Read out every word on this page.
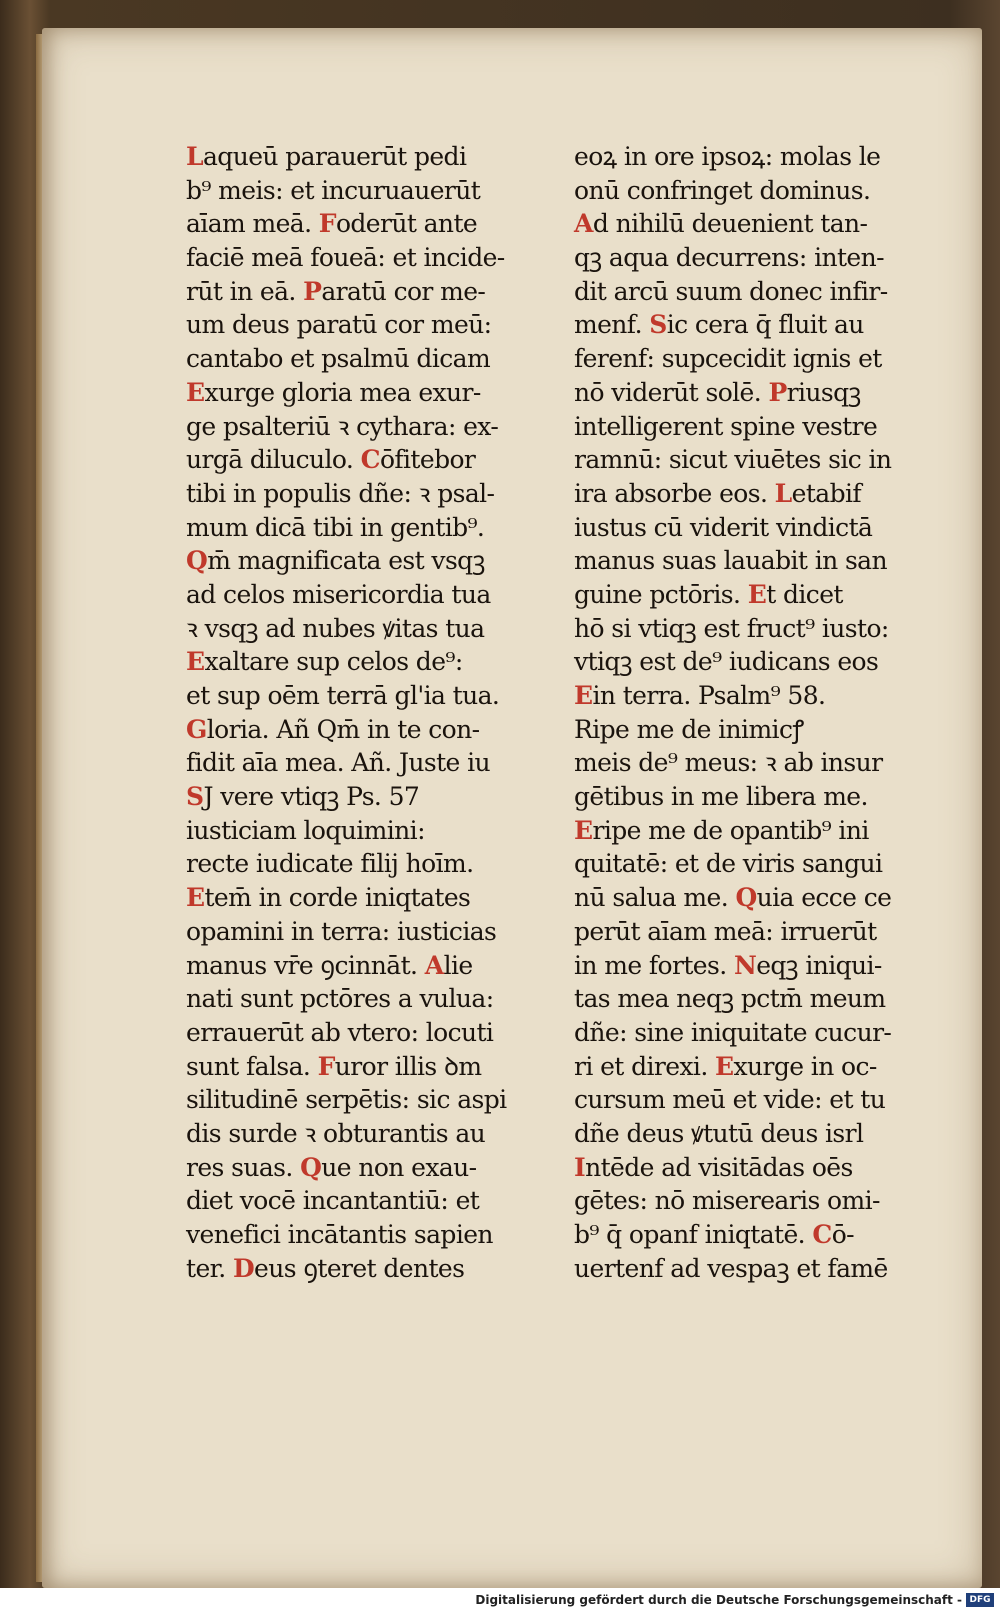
Laqueū parauerūt pedi
b⁹ meis: et incuruauerūt
aīam meā. Foderūt ante
faciē meā foueā: et incide-
rūt in eā. Paratū cor me-
um deus paratū cor meū:
cantabo et psalmū dicam
Exurge gloria mea exur-
ge psalteriū ꝛ cythara: ex-
urgā diluculo. Cōfitebor
tibi in populis dñe: ꝛ psal-
mum dicā tibi in gentib⁹.
Qm̄ magnificata est vsqꝫ
ad celos misericordia tua
ꝛ vsqꝫ ad nubes ꝟitas tua
Exaltare sup celos de⁹:
et sup oēm terrā gl'ia tua.
Gloria. Añ Qm̄ in te con-
fidit aīa mea. Añ. Juste iu
SJ vere vtiqꝫ Ps. 57
iusticiam loquimini:
recte iudicate filij hoīm.
Etem̄ in corde iniqtates
opamini in terra: iusticias
manus vr̄e ꝯcinnāt. Alie
nati sunt pctōres a vulua:
errauerūt ab vtero: locuti
sunt falsa. Furor illis ꝺm
silitudinē serpētis: sic aspi
dis surde ꝛ obturantis au
res suas. Que non exau-
diet vocē incantantiū: et
venefici incātantis sapien
ter. Deus ꝯteret dentes
eoꝝ in ore ipsoꝝ: molas le
onū confringet dominus.
Ad nihilū deuenient tan-
qꝫ aqua decurrens: inten-
dit arcū suum donec infir-
menf. Sic cera q̄ fluit au
ferenf: supcecidit ignis et
nō viderūt solē. Priusqꝫ
intelligerent spine vestre
ramnū: sicut viuētes sic in
ira absorbe eos. Letabif
iustus cū viderit vindictā
manus suas lauabit in san
guine pctōris. Et dicet
hō si vtiqꝫ est fruct⁹ iusto:
vtiqꝫ est de⁹ iudicans eos
Ein terra. Psalm⁹ 58.
Ripe me de inimicꝭ
meis de⁹ meus: ꝛ ab insur
gētibus in me libera me.
Eripe me de opantib⁹ ini
quitatē: et de viris sangui
nū salua me. Quia ecce ce
perūt aīam meā: irruerūt
in me fortes. Neqꝫ iniqui-
tas mea neqꝫ pctm̄ meum
dñe: sine iniquitate cucur-
ri et direxi. Exurge in oc-
cursum meū et vide: et tu
dñe deus ꝟtutū deus isrl
Intēde ad visitādas oēs
gētes: nō miserearis omi-
b⁹ q̄ opanf iniqtatē. Cō-
uertenf ad vespaꝫ et famē
Digitalisierung gefördert durch die Deutsche Forschungsgemeinschaft - DFG
